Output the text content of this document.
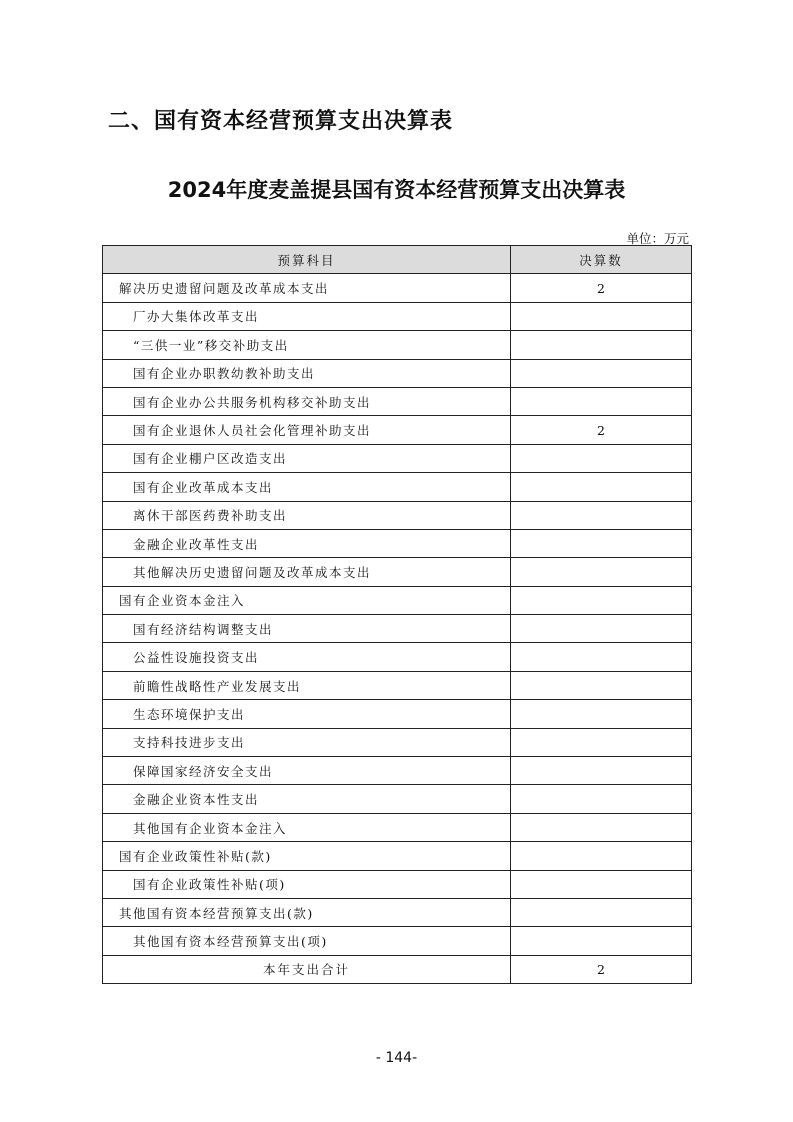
二、国有资本经营预算支出决算表
2024年度麦盖提县国有资本经营预算支出决算表
单位：万元
预算科目	决算数
解决历史遗留问题及改革成本支出	2
厂办大集体改革支出	
“三供一业”移交补助支出	
国有企业办职教幼教补助支出	
国有企业办公共服务机构移交补助支出	
国有企业退休人员社会化管理补助支出	2
国有企业棚户区改造支出	
国有企业改革成本支出	
离休干部医药费补助支出	
金融企业改革性支出	
其他解决历史遗留问题及改革成本支出	
国有企业资本金注入	
国有经济结构调整支出	
公益性设施投资支出	
前瞻性战略性产业发展支出	
生态环境保护支出	
支持科技进步支出	
保障国家经济安全支出	
金融企业资本性支出	
其他国有企业资本金注入	
国有企业政策性补贴(款)	
国有企业政策性补贴(项)	
其他国有资本经营预算支出(款)	
其他国有资本经营预算支出(项)	
本年支出合计	2
- 144-
